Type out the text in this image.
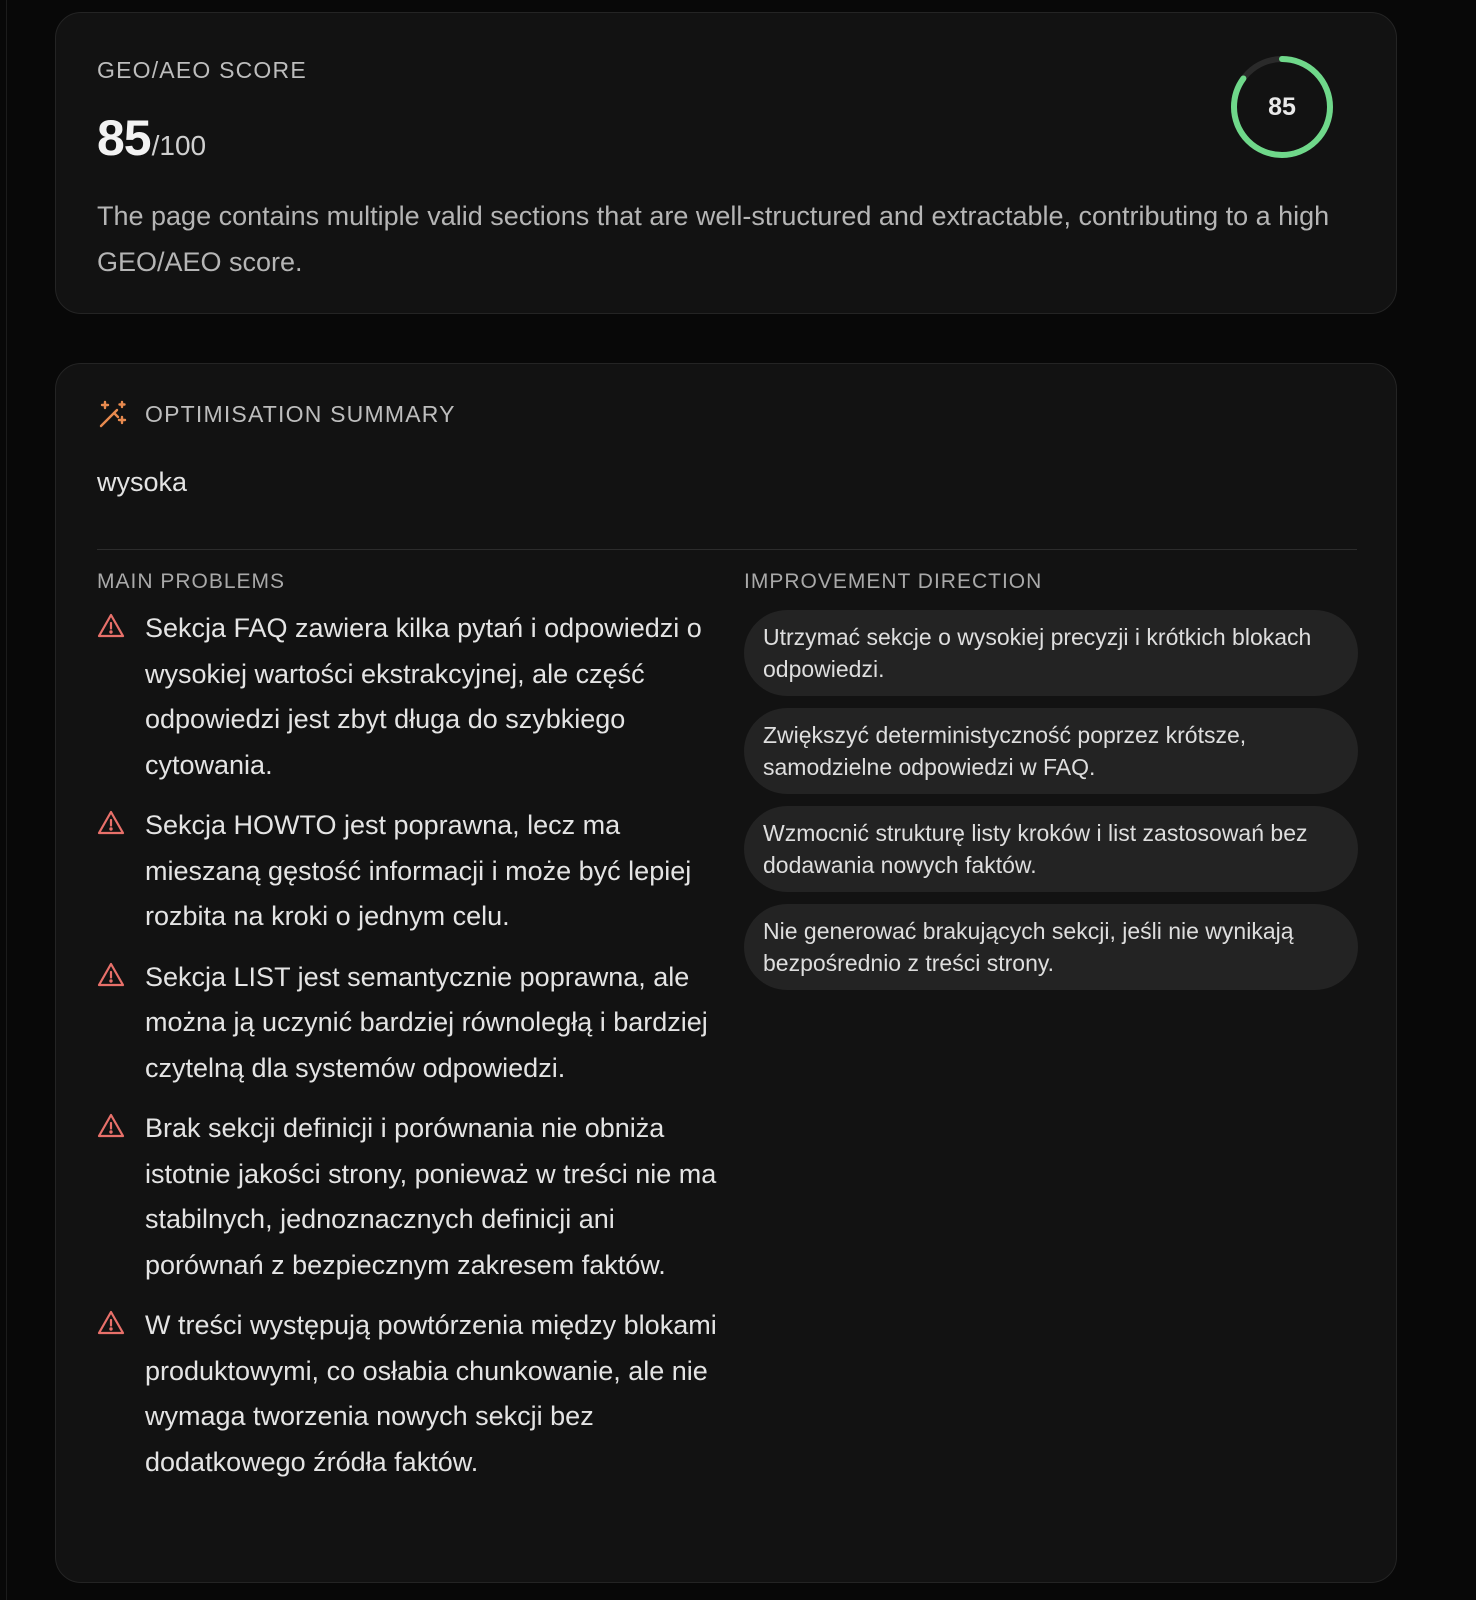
GEO/AEO SCORE
85 /100

The page contains multiple valid sections that are well-structured and extractable, contributing to a high GEO/AEO score.

85
OPTIMISATION SUMMARY
wysoka
MAIN PROBLEMS	IMPROVEMENT DIRECTION
Sekcja FAQ zawiera kilka pytań i odpowiedzi o wysokiej wartości ekstrakcyjnej, ale część odpowiedzi jest zbyt długa do szybkiego cytowania.
Sekcja HOWTO jest poprawna, lecz ma mieszaną gęstość informacji i może być lepiej rozbita na kroki o jednym celu.
Sekcja LIST jest semantycznie poprawna, ale można ją uczynić bardziej równoległą i bardziej czytelną dla systemów odpowiedzi.
Brak sekcji definicji i porównania nie obniża istotnie jakości strony, ponieważ w treści nie ma stabilnych, jednoznacznych definicji ani porównań z bezpiecznym zakresem faktów.
W treści występują powtórzenia między blokami produktowymi, co osłabia chunkowanie, ale nie wymaga tworzenia nowych sekcji bez dodatkowego źródła faktów.
Utrzymać sekcje o wysokiej precyzji i krótkich blokach odpowiedzi.
Zwiększyć deterministyczność poprzez krótsze, samodzielne odpowiedzi w FAQ.
Wzmocnić strukturę listy kroków i list zastosowań bez dodawania nowych faktów.
Nie generować brakujących sekcji, jeśli nie wynikają bezpośrednio z treści strony.
